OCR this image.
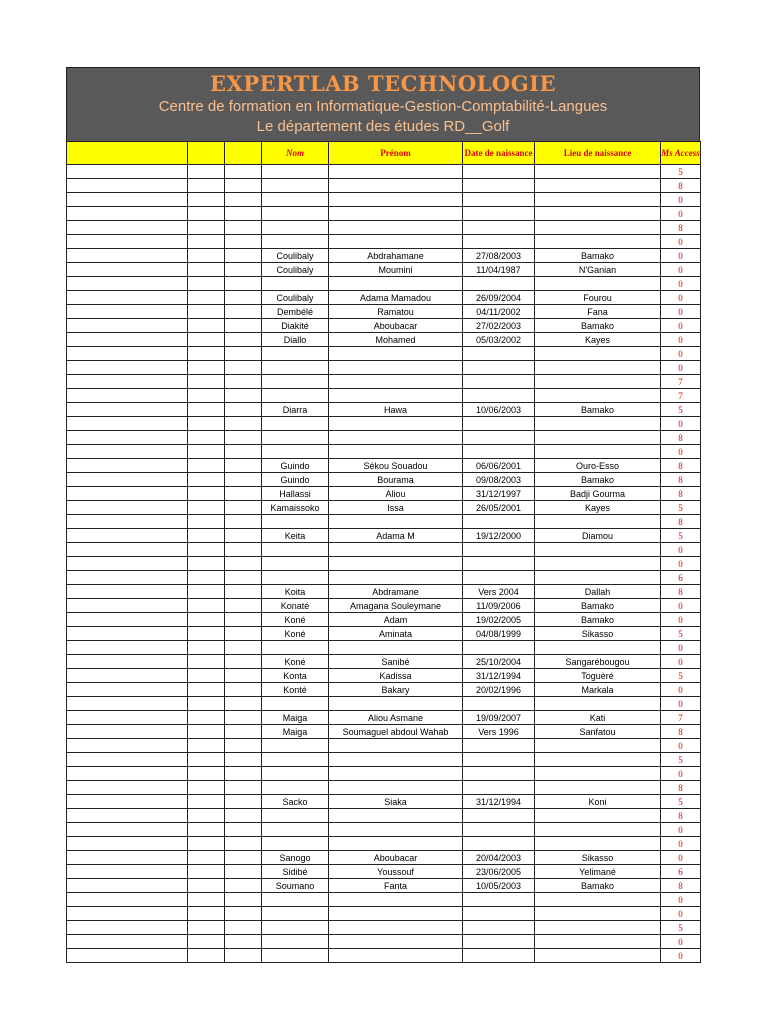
EXPERTLAB TECHNOLOGIE
Centre de formation en Informatique-Gestion-Comptabilité-Langues
Le département des études RD__Golf
			Nom	Prénom	Date de naissance	Lieu de naissance	Ms Access
							5
							8
							0
							0
							8
							0
			Coulibaly	Abdrahamane	27/08/2003	Bamako	0
			Coulibaly	Moumini	11/04/1987	N'Ganian	0
							0
			Coulibaly	Adama Mamadou	26/09/2004	Fourou	0
			Dembélé	Ramatou	04/11/2002	Fana	0
			Diakité	Aboubacar	27/02/2003	Bamako	0
			Diallo	Mohamed	05/03/2002	Kayes	0
							0
							0
							7
							7
			Diarra	Hawa	10/06/2003	Bamako	5
							0
							8
							0
			Guindo	Sékou Souadou	06/06/2001	Ouro-Esso	8
			Guindo	Bourama	09/08/2003	Bamako	8
			Hallassi	Aliou	31/12/1997	Badji Gourma	8
			Kamaissoko	Issa	26/05/2001	Kayes	5
							8
			Keita	Adama M	19/12/2000	Diamou	5
							0
							0
							6
			Koita	Abdramane	Vers 2004	Dallah	8
			Konaté	Amagana Souleymane	11/09/2006	Bamako	0
			Koné	Adam	19/02/2005	Bamako	0
			Koné	Aminata	04/08/1999	Sikasso	5
							0
			Koné	Sanibé	25/10/2004	Sangarébougou	0
			Konta	Kadissa	31/12/1994	Toguèré	5
			Konté	Bakary	20/02/1996	Markala	0
							0
			Maiga	Aliou Asmane	19/09/2007	Kati	7
			Maiga	Soumaguel abdoul Wahab	Vers 1996	Sanfatou	8
							0
							5
							0
							8
			Sacko	Siaka	31/12/1994	Koni	5
							8
							0
							0
			Sanogo	Aboubacar	20/04/2003	Sikasso	0
			Sidibé	Youssouf	23/06/2005	Yelimané	6
			Soumano	Fanta	10/05/2003	Bamako	8
							0
							0
							5
							0
							0
